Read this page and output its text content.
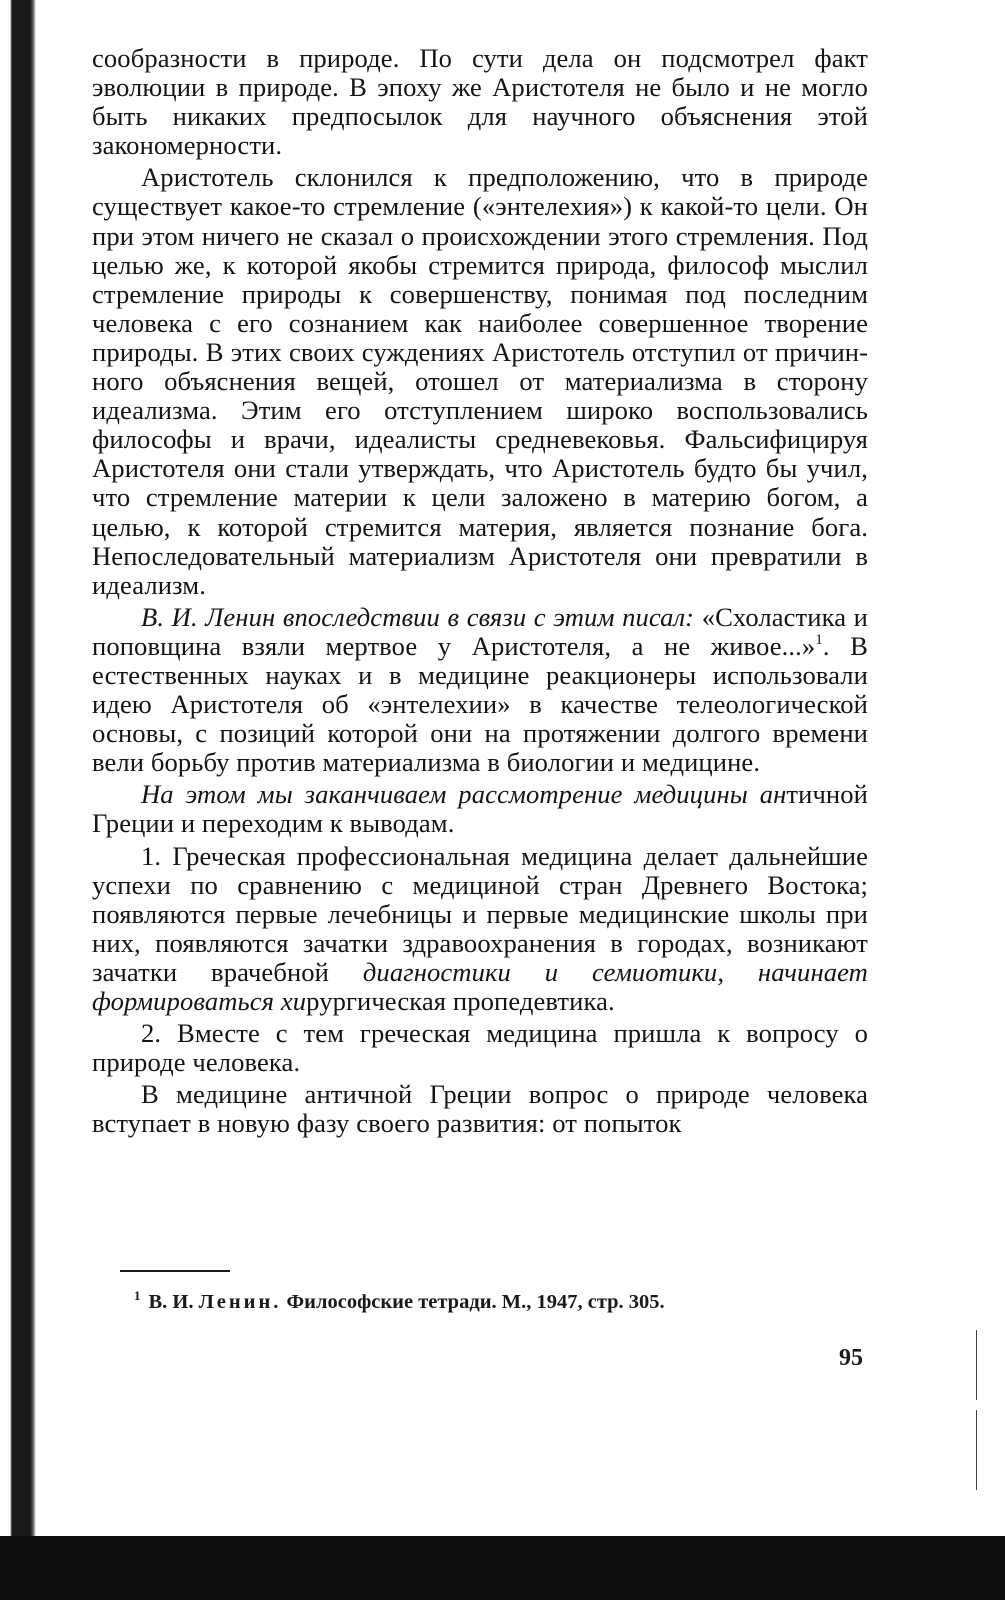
сообразности в природе. По сути дела он подсмотрел факт эволюции в природе. В эпоху же Аристотеля не было и не могло быть никаких предпосылок для научного объяснения этой закономерности.

Аристотель склонился к предположению, что в природе существует какое-то стремление («энтелехия») к какой-то цели. Он при этом ничего не сказал о происхождении этого стремления. Под целью же, к которой якобы стремится природа, философ мыслил стремление природы к совершенству, понимая под последним человека с его сознанием как наиболее совершенное творение природы. В этих своих суждениях Аристотель отступил от причинного объяснения вещей, отошел от материализма в сторону идеализма. Этим его отступлением широко воспользовались философы и врачи, идеалисты средневековья. Фальсифицируя Аристотеля они стали утверждать, что Аристотель будто бы учил, что стремление материи к цели заложено в материю богом, а целью, к которой стремится материя, является познание бога. Непоследовательный материализм Аристотеля они превратили в идеализм.

В. И. Ленин впоследствии в связи с этим писал: «Схоластика и поповщина взяли мертвое у Аристотеля, а не живое...»$^1$. В естественных науках и в медицине реакционеры использовали идею Аристотеля об «энтелехии» в качестве телеологической основы, с позиций которой они на протяжении долгого времени вели борьбу против материализма в биологии и медицине.

На этом мы заканчиваем рассмотрение медицины античной Греции и переходим к выводам.

1. Греческая профессиональная медицина делает дальнейшие успехи по сравнению с медициной стран Древнего Востока; появляются первые лечебницы и первые медицинские школы при них, появляются зачатки здравоохранения в городах, возникают зачатки врачебной диагностики и семиотики, начинает формироваться хирургическая пропедевтика.

2. Вместе с тем греческая медицина пришла к вопросу о природе человека.

В медицине античной Греции вопрос о природе человека вступает в новую фазу своего развития: от попыток

$^1$ В. И. Ленин. Философские тетради. М., 1947, стр. 305.
95
